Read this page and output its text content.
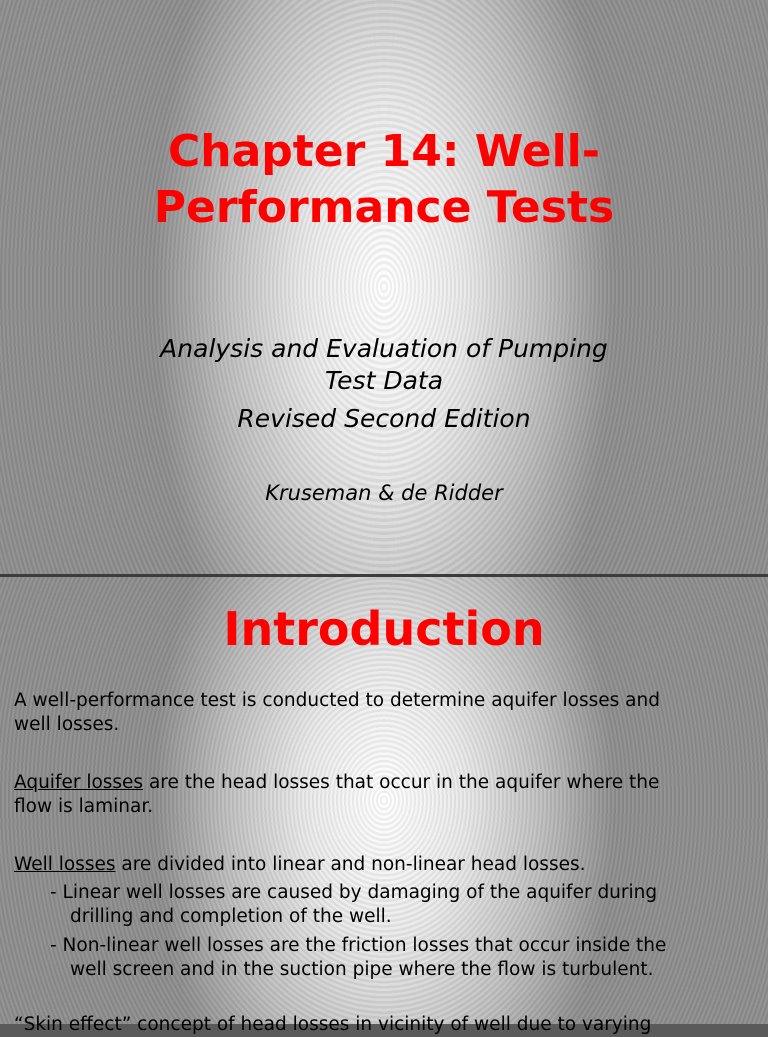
Chapter 14: Well-
Performance Tests
Analysis and Evaluation of Pumping
Test Data
Revised Second Edition
Kruseman & de Ridder
Introduction
A well-performance test is conducted to determine aquifer losses and
well losses.
Aquifer losses are the head losses that occur in the aquifer where the
flow is laminar.
Well losses are divided into linear and non-linear head losses.
- Linear well losses are caused by damaging of the aquifer during
drilling and completion of the well.
- Non-linear well losses are the friction losses that occur inside the
well screen and in the suction pipe where the flow is turbulent.
“Skin effect” concept of head losses in vicinity of well due to varying
